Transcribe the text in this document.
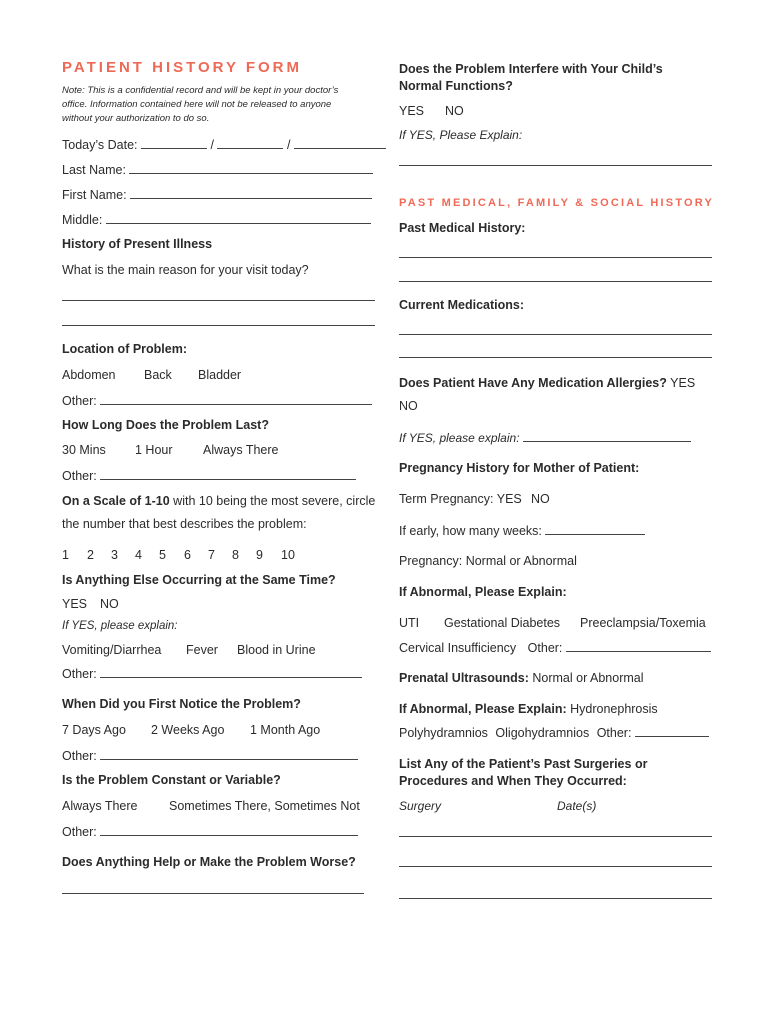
PATIENT HISTORY FORM
Note: This is a confidential record and will be kept in your doctor’s office. Information contained here will not be released to anyone without your authorization to do so.
Today’s Date:	/	/
Last Name:
First Name:
Middle:
History of Present Illness
What is the main reason for your visit today?
Location of Problem:
Abdomen Back Bladder
Other:
How Long Does the Problem Last?
30 Mins 1 Hour Always There
Other:
On a Scale of 1-10 with 10 being the most severe, circle
the number that best describes the problem:
1 2 3 4 5 6 7 8 9 10
Is Anything Else Occurring at the Same Time?
YES NO
If YES, please explain:
Vomiting/Diarrhea Fever Blood in Urine
Other:
When Did you First Notice the Problem?
7 Days Ago 2 Weeks Ago 1 Month Ago
Other:
Is the Problem Constant or Variable?
Always There	Sometimes There, Sometimes Not
Other:
Does Anything Help or Make the Problem Worse?
Does the Problem Interfere with Your Child’s Normal Functions?
YES NO
If YES, Please Explain:
PAST MEDICAL, FAMILY & SOCIAL HISTORY
Past Medical History:
Current Medications:
Does Patient Have Any Medication Allergies? YES
NO
If YES, please explain:
Pregnancy History for Mother of Patient:
Term Pregnancy: YES NO
If early, how many weeks:
Pregnancy: Normal or Abnormal
If Abnormal, Please Explain:
UTI Gestational Diabetes Preeclampsia/Toxemia
Cervical Insufficiency Other:
Prenatal Ultrasounds: Normal or Abnormal
If Abnormal, Please Explain: Hydronephrosis
Polyhydramnios Oligohydramnios Other:
List Any of the Patient’s Past Surgeries or Procedures and When They Occurred:
Surgery	Date(s)
